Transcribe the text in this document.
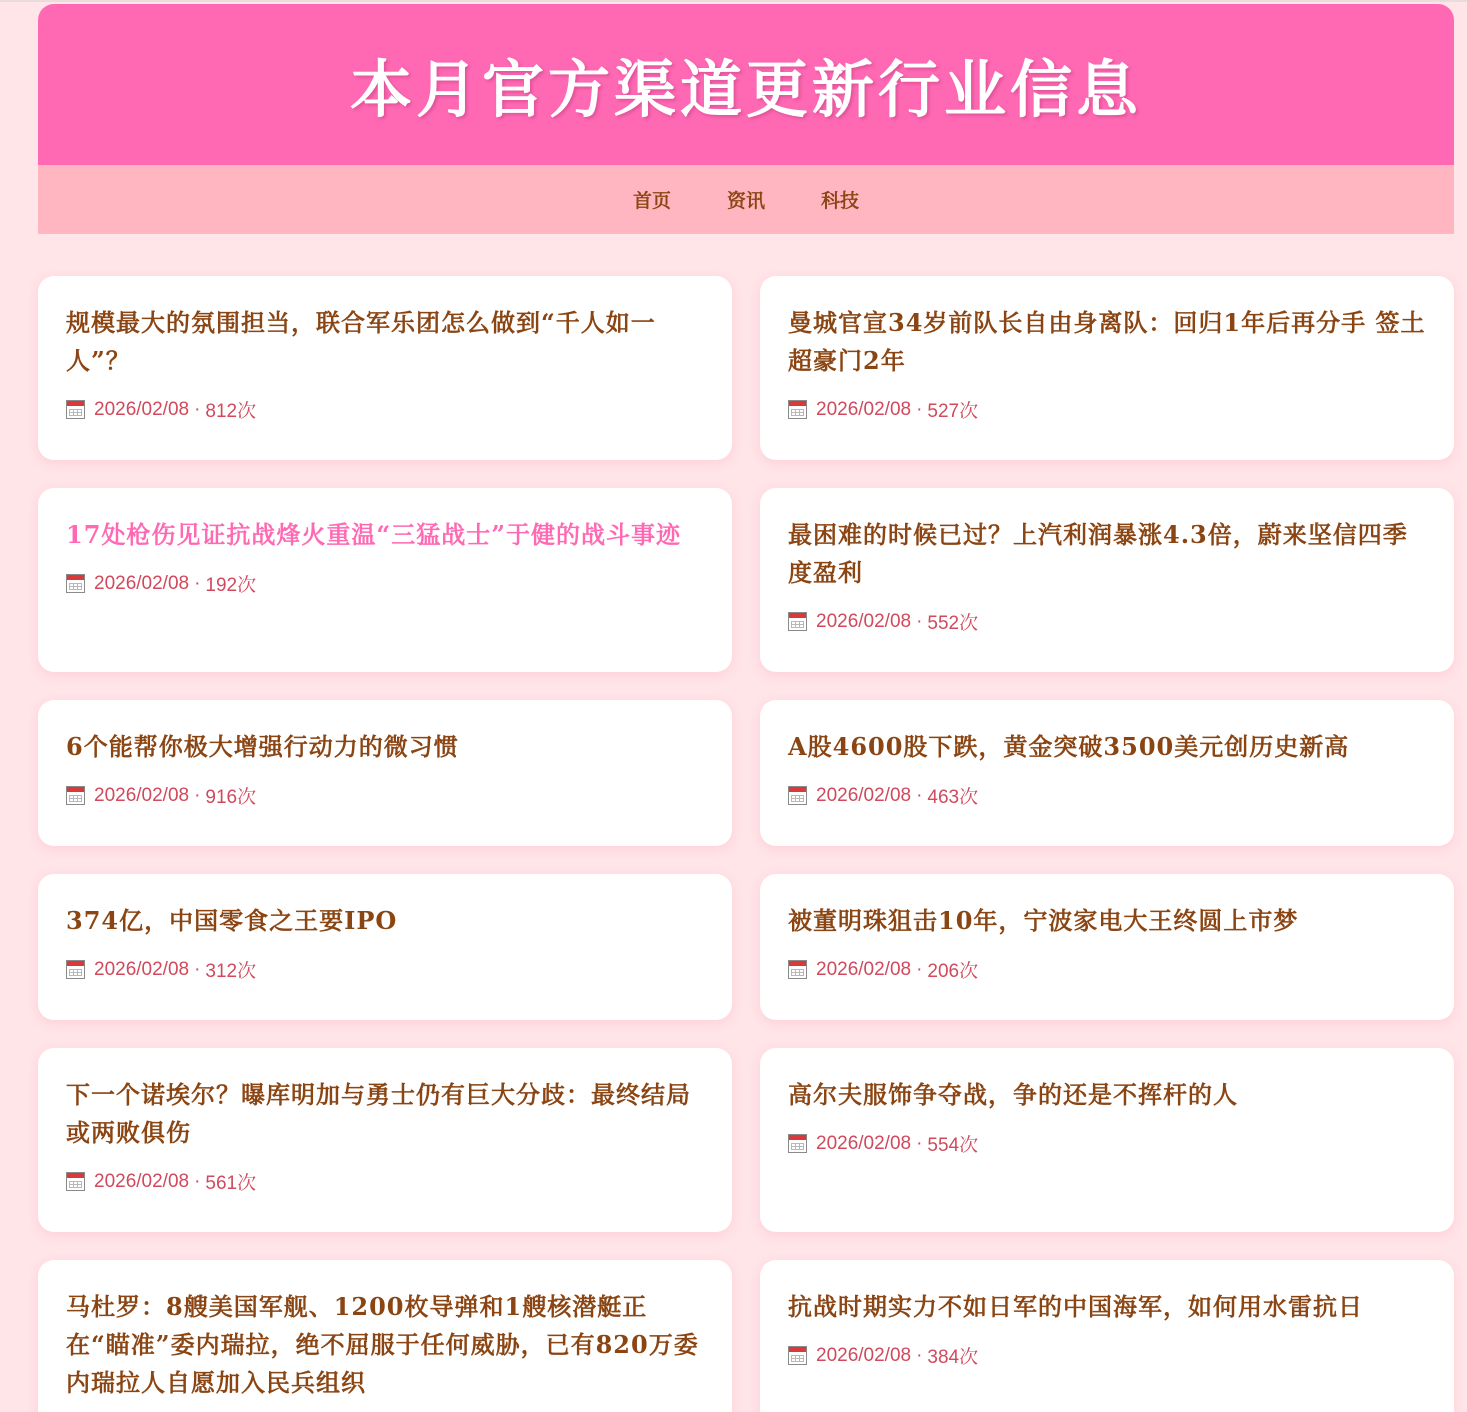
本月官方渠道更新行业信息
首页	资讯	科技
规模最大的氛围担当，联合军乐团怎么做到“千人如一人”？
2026/02/08 · 812次
曼城官宣34岁前队长自由身离队：回归1年后再分手 签土超豪门2年
2026/02/08 · 527次
17处枪伤见证抗战烽火重温“三猛战士”于健的战斗事迹
2026/02/08 · 192次
最困难的时候已过？上汽利润暴涨4.3倍，蔚来坚信四季度盈利
2026/02/08 · 552次
6个能帮你极大增强行动力的微习惯
2026/02/08 · 916次
A股4600股下跌，黄金突破3500美元创历史新高
2026/02/08 · 463次
374亿，中国零食之王要IPO
2026/02/08 · 312次
被董明珠狙击10年，宁波家电大王终圆上市梦
2026/02/08 · 206次
下一个诺埃尔？曝库明加与勇士仍有巨大分歧：最终结局或两败俱伤
2026/02/08 · 561次
高尔夫服饰争夺战，争的还是不挥杆的人
2026/02/08 · 554次
马杜罗：8艘美国军舰、1200枚导弹和1艘核潜艇正在“瞄准”委内瑞拉，绝不屈服于任何威胁，已有820万委内瑞拉人自愿加入民兵组织
抗战时期实力不如日军的中国海军，如何用水雷抗日
2026/02/08 · 384次
